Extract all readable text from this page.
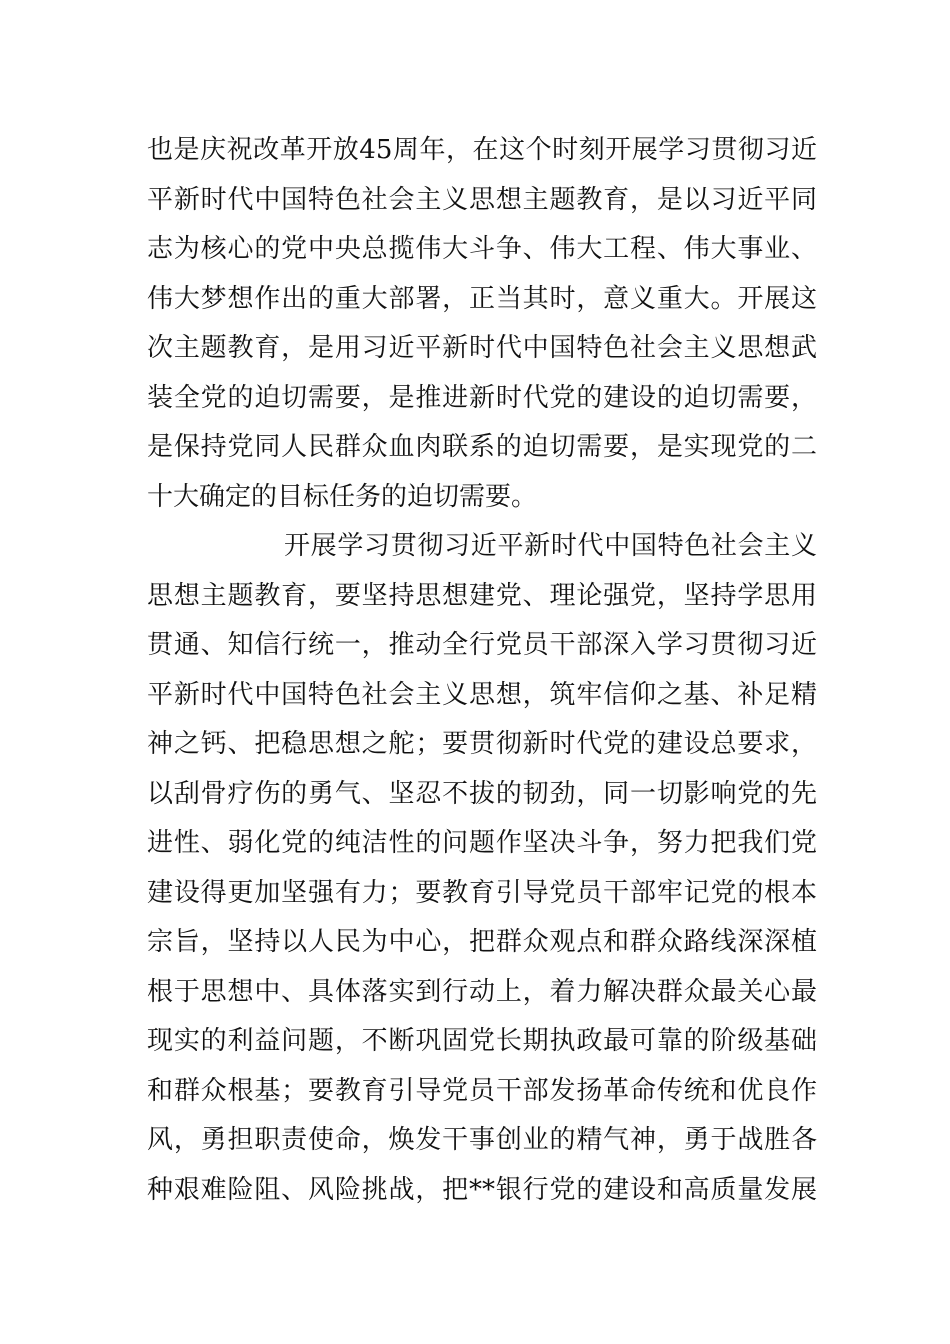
也是庆祝改革开放45周年，在这个时刻开展学习贯彻习近
平新时代中国特色社会主义思想主题教育，是以习近平同
志为核心的党中央总揽伟大斗争、伟大工程、伟大事业、
伟大梦想作出的重大部署，正当其时，意义重大。开展这
次主题教育，是用习近平新时代中国特色社会主义思想武
装全党的迫切需要，是推进新时代党的建设的迫切需要，
是保持党同人民群众血肉联系的迫切需要，是实现党的二
十大确定的目标任务的迫切需要。
开展学习贯彻习近平新时代中国特色社会主义
思想主题教育，要坚持思想建党、理论强党，坚持学思用
贯通、知信行统一，推动全行党员干部深入学习贯彻习近
平新时代中国特色社会主义思想，筑牢信仰之基、补足精
神之钙、把稳思想之舵；要贯彻新时代党的建设总要求，
以刮骨疗伤的勇气、坚忍不拔的韧劲，同一切影响党的先
进性、弱化党的纯洁性的问题作坚决斗争，努力把我们党
建设得更加坚强有力；要教育引导党员干部牢记党的根本
宗旨，坚持以人民为中心，把群众观点和群众路线深深植
根于思想中、具体落实到行动上，着力解决群众最关心最
现实的利益问题，不断巩固党长期执政最可靠的阶级基础
和群众根基；要教育引导党员干部发扬革命传统和优良作
风，勇担职责使命，焕发干事创业的精气神，勇于战胜各
种艰难险阻、风险挑战，把**银行党的建设和高质量发展
